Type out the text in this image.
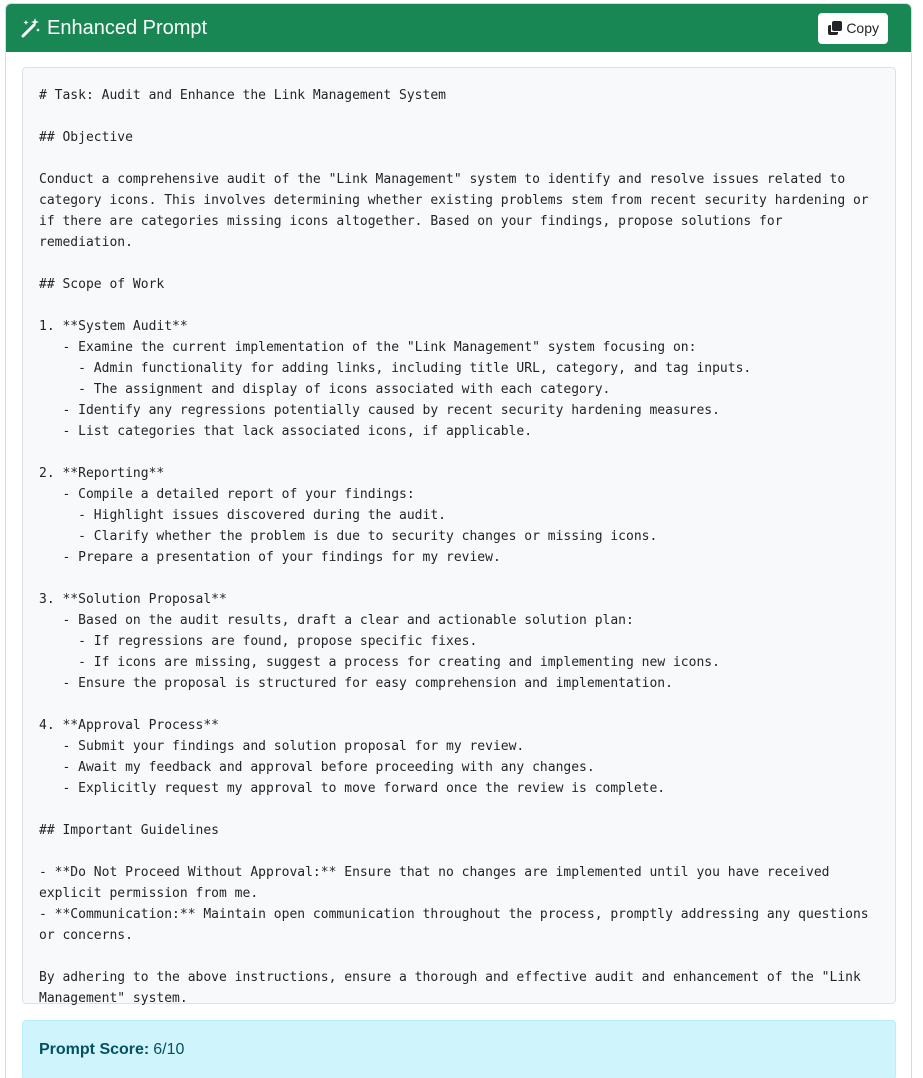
Enhanced Prompt	Copy
# Task: Audit and Enhance the Link Management System

## Objective

Conduct a comprehensive audit of the "Link Management" system to identify and resolve issues related to category icons. This involves determining whether existing problems stem from recent security hardening or if there are categories missing icons altogether. Based on your findings, propose solutions for remediation.

## Scope of Work

1. **System Audit**
- Examine the current implementation of the "Link Management" system focusing on:
- Admin functionality for adding links, including title URL, category, and tag inputs.
- The assignment and display of icons associated with each category.
- Identify any regressions potentially caused by recent security hardening measures.
- List categories that lack associated icons, if applicable.

2. **Reporting**
- Compile a detailed report of your findings:
- Highlight issues discovered during the audit.
- Clarify whether the problem is due to security changes or missing icons.
- Prepare a presentation of your findings for my review.

3. **Solution Proposal**
- Based on the audit results, draft a clear and actionable solution plan:
- If regressions are found, propose specific fixes.
- If icons are missing, suggest a process for creating and implementing new icons.
- Ensure the proposal is structured for easy comprehension and implementation.

4. **Approval Process**
- Submit your findings and solution proposal for my review.
- Await my feedback and approval before proceeding with any changes.
- Explicitly request my approval to move forward once the review is complete.

## Important Guidelines

- **Do Not Proceed Without Approval:** Ensure that no changes are implemented until you have received explicit permission from me.
- **Communication:** Maintain open communication throughout the process, promptly addressing any questions or concerns.

By adhering to the above instructions, ensure a thorough and effective audit and enhancement of the "Link Management" system.
Prompt Score: 6/10
